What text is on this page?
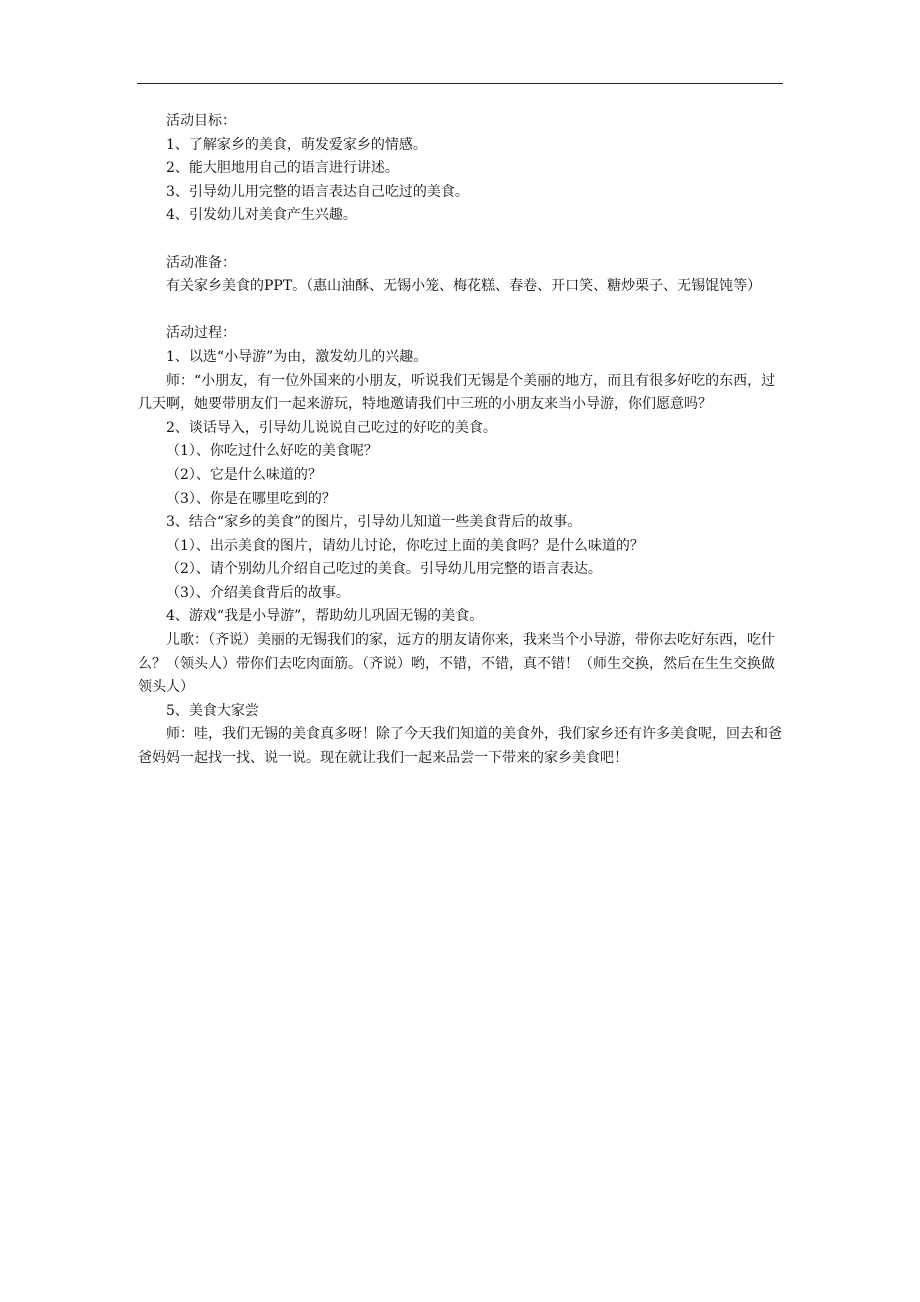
活动目标：

1、了解家乡的美食，萌发爱家乡的情感。

2、能大胆地用自己的语言进行讲述。

3、引导幼儿用完整的语言表达自己吃过的美食。

4、引发幼儿对美食产生兴趣。

活动准备：

有关家乡美食的PPT。（惠山油酥、无锡小笼、梅花糕、春卷、开口笑、糖炒栗子、无锡馄饨等）

活动过程：

1、以选“小导游”为由，激发幼儿的兴趣。

师：“小朋友，有一位外国来的小朋友，听说我们无锡是个美丽的地方，而且有很多好吃的东西，过几天啊，她要带朋友们一起来游玩，特地邀请我们中三班的小朋友来当小导游，你们愿意吗？

2、谈话导入，引导幼儿说说自己吃过的好吃的美食。

（1）、你吃过什么好吃的美食呢？

（2）、它是什么味道的？

（3）、你是在哪里吃到的？

3、结合“家乡的美食”的图片，引导幼儿知道一些美食背后的故事。

（1）、出示美食的图片，请幼儿讨论，你吃过上面的美食吗？是什么味道的？

（2）、请个别幼儿介绍自己吃过的美食。引导幼儿用完整的语言表达。

（3）、介绍美食背后的故事。

4、游戏“我是小导游”，帮助幼儿巩固无锡的美食。

儿歌：（齐说）美丽的无锡我们的家，远方的朋友请你来，我来当个小导游，带你去吃好东西，吃什么？（领头人）带你们去吃肉面筋。（齐说）哟，不错，不错，真不错！（师生交换，然后在生生交换做领头人）

5、美食大家尝

师：哇，我们无锡的美食真多呀！除了今天我们知道的美食外，我们家乡还有许多美食呢，回去和爸爸妈妈一起找一找、说一说。现在就让我们一起来品尝一下带来的家乡美食吧！
